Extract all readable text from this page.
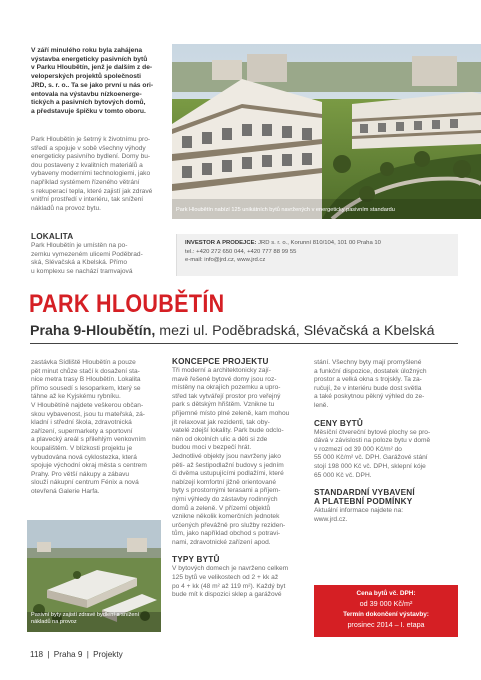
V září minulého roku byla zahájena
výstavba energeticky pasivních bytů
v Parku Hloubětín, jenž je dalším z de-
veloperských projektů společnosti
JRD, s. r. o.. Ta se jako první u nás ori-
entovala na výstavbu nízkoenerge-
tických a pasivních bytových domů,
a představuje špičku v tomto oboru.
Park Hloubětín je šetrný k životnímu pro-
středí a spojuje v sobě všechny výhody
energeticky pasivního bydlení. Domy bu-
dou postaveny z kvalitních materiálů a
vybaveny moderními technologiemi, jako
například systémem řízeného větrání
s rekuperací tepla, které zajistí jak zdravé
vnitřní prostředí v interiéru, tak snížení
nákladů na provoz bytu.
LOKALITA
Park Hloubětín je umístěn na po-
zemku vymezeném ulicemi Poděbrad-
ská, Slévačská a Kbelská. Přímo
u komplexu se nachází tramvajová
Park Hloubětín nabízí 125 unikátních bytů navržených v energeticky pasivním standardu
INVESTOR A PRODEJCE: JRD s. r. o., Korunní 810/104, 101 00 Praha 10
tel.: +420 272 650 044, +420 777 88 99 55
e-mail: info@jrd.cz, www.jrd.cz
PARK HLOUBĚTÍN
Praha 9-Hloubětín, mezi ul. Poděbradská, Slévačská a Kbelská
zastávka Sídliště Hloubětín a pouze
pět minut chůze stačí k dosažení sta-
nice metra trasy B Hloubětín. Lokalita
přímo sousedí s lesoparkem, který se
táhne až ke Kyjskému rybníku.
V Hloubětíně najdete veškerou občan-
skou vybavenost, jsou tu mateřská, zá-
kladní i střední škola, zdravotnická
zařízení, supermarkety a sportovní
a plavecký areál s přilehlým venkovním
koupalištěm. V blízkosti projektu je
vybudována nová cyklostezka, která
spojuje východní okraj města s centrem
Prahy. Pro větší nákupy a zábavu
slouží nákupní centrum Fénix a nová
otevřená Galerie Harfa.
Pasivní byty zajistí zdravé bydlení a snížení nákladů na provoz
KONCEPCE PROJEKTU
Tři moderní a architektonicky zají-
mavě řešené bytové domy jsou roz-
místěny na okrajích pozemku a upro-
střed tak vytvářejí prostor pro veřejný
park s dětským hřištěm. Vznikne tu
příjemné místo plné zeleně, kam mohou
jít relaxovat jak rezidenti, tak oby-
vatelé zdejší lokality. Park bude odclo-
něn od okolních ulic a děti si zde
budou moci v bezpečí hrát.
Jednotlivé objekty jsou navrženy jako
pěti- až šestipodlažní budovy s jedním
či dvěma ustupujícími podlažími, které
nabízejí komfortní jižně orientované
byty s prostornými terasami a příjem-
nými výhledy do zástavby rodinných
domů a zeleně. V přízemí objektů
vznikne několik komerčních jednotek
určených převážně pro služby reziden-
tům, jako například obchod s potravi-
nami, zdravotnické zařízení apod.
TYPY BYTŮ
V bytových domech je navrženo celkem
125 bytů ve velikostech od 2 + kk až
po 4 + kk (48 m² až 119 m²). Každý byt
bude mít k dispozici sklep a garážové
stání. Všechny byty mají promyšlené
a funkční dispozice, dostatek úložných
prostor a velká okna s trojskly. Ta za-
ručují, že v interiéru bude dost světla
a také poskytnou pěkný výhled do ze-
leně.
CENY BYTŮ
Měsíční čtvereční bytové plochy se pro-
dává v závislosti na poloze bytu v domě
v rozmezí od 39 000 Kč/m² do
55 000 Kč/m² vč. DPH. Garážové stání
stojí 198 000 Kč vč. DPH, sklepní kóje
65 000 Kč vč. DPH.
STANDARDNÍ VYBAVENÍ
A PLATEBNÍ PODMÍNKY
Aktuální informace najdete na:
www.jrd.cz.
Cena bytů vč. DPH:
od 39 000 Kč/m²
Termín dokončení výstavby:
prosinec 2014 – I. etapa
118 | Praha 9 | Projekty
